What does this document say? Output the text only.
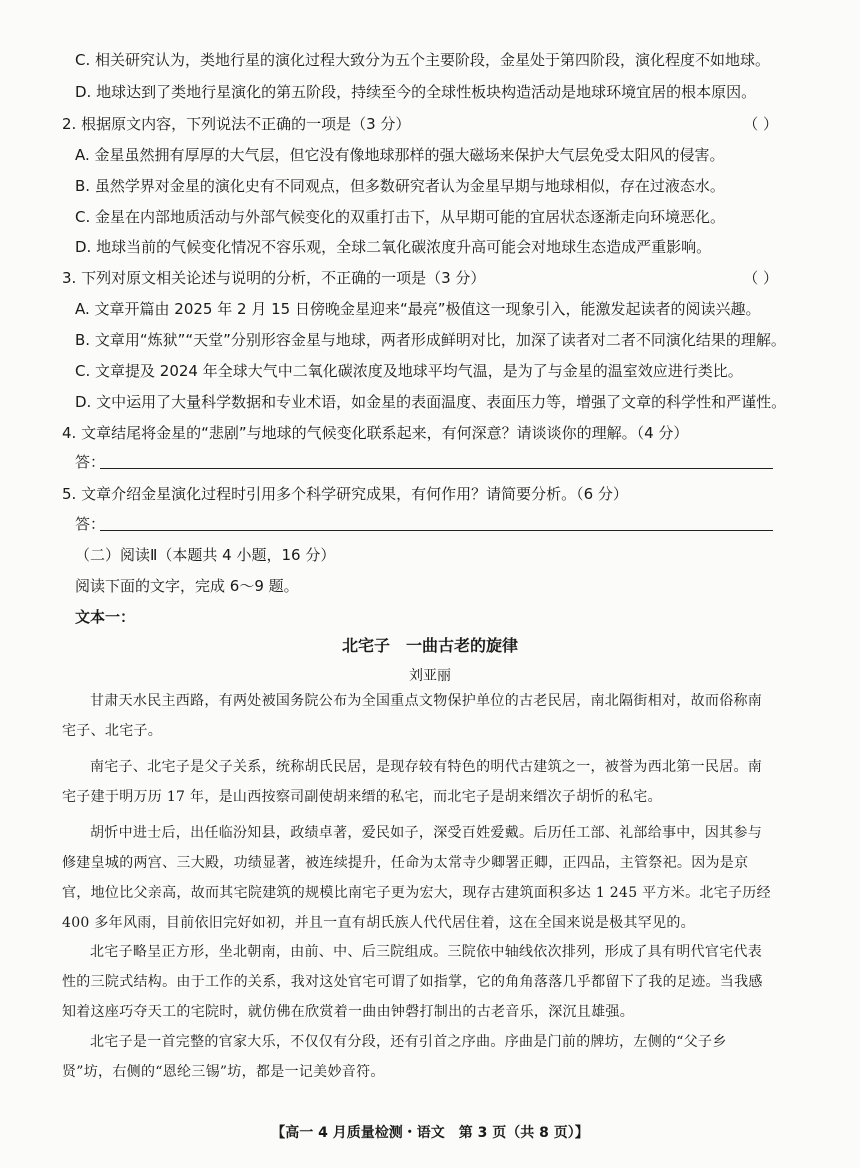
C. 相关研究认为，类地行星的演化过程大致分为五个主要阶段，金星处于第四阶段，演化程度不如地球。
D. 地球达到了类地行星演化的第五阶段，持续至今的全球性板块构造活动是地球环境宜居的根本原因。
2. 根据原文内容，下列说法不正确的一项是（3 分）	（ ）
A. 金星虽然拥有厚厚的大气层，但它没有像地球那样的强大磁场来保护大气层免受太阳风的侵害。
B. 虽然学界对金星的演化史有不同观点，但多数研究者认为金星早期与地球相似，存在过液态水。
C. 金星在内部地质活动与外部气候变化的双重打击下，从早期可能的宜居状态逐渐走向环境恶化。
D. 地球当前的气候变化情况不容乐观，全球二氧化碳浓度升高可能会对地球生态造成严重影响。
3. 下列对原文相关论述与说明的分析，不正确的一项是（3 分）	（ ）
A. 文章开篇由 2025 年 2 月 15 日傍晚金星迎来“最亮”极值这一现象引入，能激发起读者的阅读兴趣。
B. 文章用“炼狱”“天堂”分别形容金星与地球，两者形成鲜明对比，加深了读者对二者不同演化结果的理解。
C. 文章提及 2024 年全球大气中二氧化碳浓度及地球平均气温，是为了与金星的温室效应进行类比。
D. 文中运用了大量科学数据和专业术语，如金星的表面温度、表面压力等，增强了文章的科学性和严谨性。
4. 文章结尾将金星的“悲剧”与地球的气候变化联系起来，有何深意？请谈谈你的理解。（4 分）
答：
5. 文章介绍金星演化过程时引用多个科学研究成果，有何作用？请简要分析。（6 分）
答：
（二）阅读Ⅱ（本题共 4 小题，16 分）
阅读下面的文字，完成 6～9 题。
文本一：
北宅子　一曲古老的旋律
刘亚丽
甘肃天水民主西路，有两处被国务院公布为全国重点文物保护单位的古老民居，南北隔街相对，故而俗称南宅子、北宅子。
南宅子、北宅子是父子关系，统称胡氏民居，是现存较有特色的明代古建筑之一，被誉为西北第一民居。南宅子建于明万历 17 年，是山西按察司副使胡来缙的私宅，而北宅子是胡来缙次子胡忻的私宅。
胡忻中进士后，出任临汾知县，政绩卓著，爱民如子，深受百姓爱戴。后历任工部、礼部给事中，因其参与修建皇城的两宫、三大殿，功绩显著，被连续提升，任命为太常寺少卿署正卿，正四品，主管祭祀。因为是京官，地位比父亲高，故而其宅院建筑的规模比南宅子更为宏大，现存古建筑面积多达 1 245 平方米。北宅子历经 400 多年风雨，目前依旧完好如初，并且一直有胡氏族人代代居住着，这在全国来说是极其罕见的。
北宅子略呈正方形，坐北朝南，由前、中、后三院组成。三院依中轴线依次排列，形成了具有明代官宅代表性的三院式结构。由于工作的关系，我对这处官宅可谓了如指掌，它的角角落落几乎都留下了我的足迹。当我感知着这座巧夺天工的宅院时，就仿佛在欣赏着一曲由钟磬打制出的古老音乐，深沉且雄强。
北宅子是一首完整的官家大乐，不仅仅有分段，还有引首之序曲。序曲是门前的牌坊，左侧的“父子乡贤”坊，右侧的“恩纶三锡”坊，都是一记美妙音符。
【高一 4 月质量检测・语文　第 3 页（共 8 页）】
